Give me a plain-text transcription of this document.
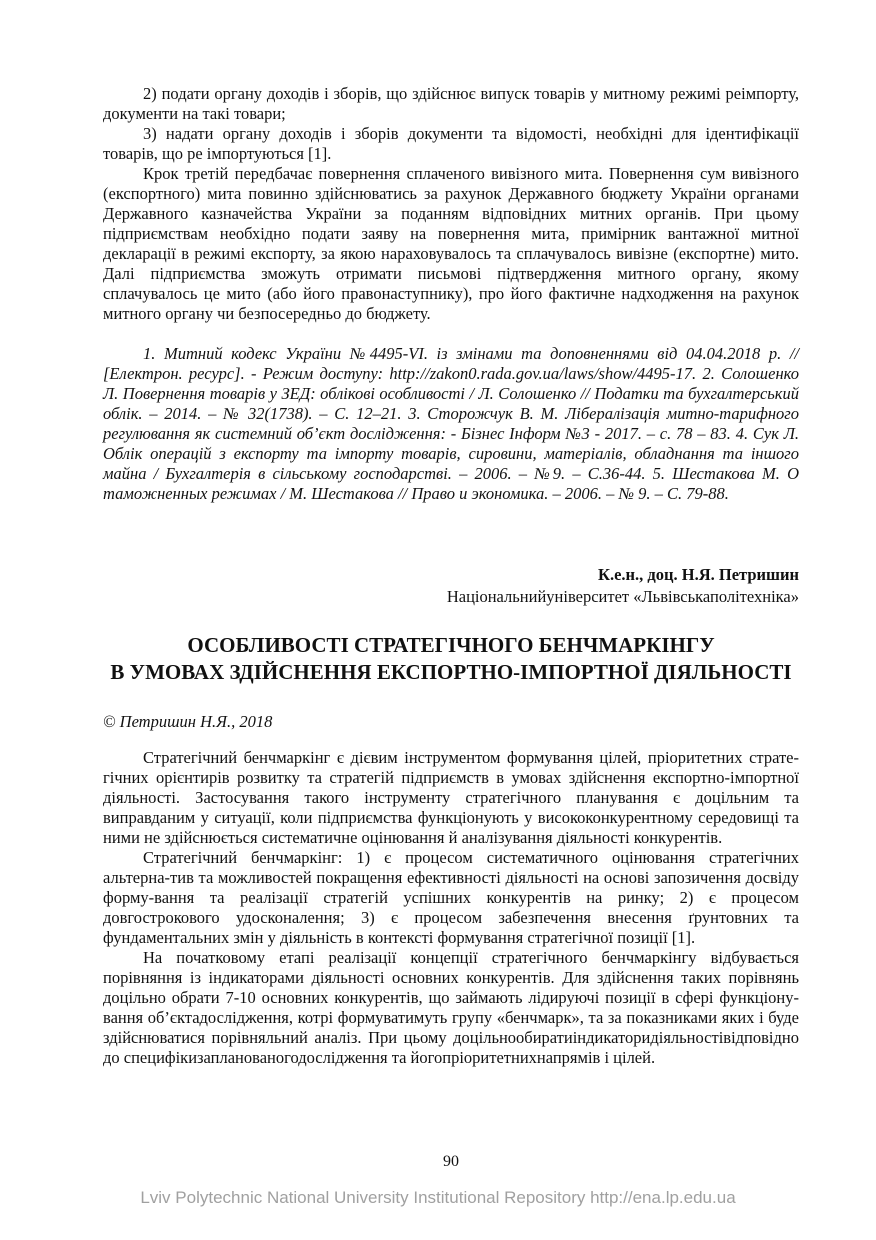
2) подати органу доходів і зборів, що здійснює випуск товарів у митному режимі реімпорту, документи на такі товари;

3) надати органу доходів і зборів документи та відомості, необхідні для ідентифікації товарів, що ре імпортуються [1].

Крок третій передбачає повернення сплаченого вивізного мита. Повернення сум вивізного (експортного) мита повинно здійснюватись за рахунок Державного бюджету України органами Державного казначейства України за поданням відповідних митних органів. При цьому підприємствам необхідно подати заяву на повернення мита, примірник вантажної митної декларації в режимі експорту, за якою нараховувалось та сплачувалось вивізне (експортне) мито. Далі підприємства зможуть отримати письмові підтвердження митного органу, якому сплачувалось це мито (або його правонаступнику), про його фактичне надходження на рахунок митного органу чи безпосередньо до бюджету.

1. Митний кодекс України №4495-VI. із змінами та доповненнями від 04.04.2018 р. // [Електрон. ресурс]. - Режим доступу: http://zakon0.rada.gov.ua/laws/show/4495-17. 2. Солошенко Л. Повернення товарів у ЗЕД: облікові особливості / Л. Солошенко // Податки та бухгалтерський облік. – 2014. – № 32(1738). – С. 12–21. 3. Сторожчук В. М. Лібералізація митно-тарифного регулювання як системний об’єкт дослідження: - Бізнес Інформ №3 - 2017. – с. 78 – 83. 4. Сук Л. Облік операцій з експорту та імпорту товарів, сировини, матеріалів, обладнання та іншого майна / Бухгалтерія в сільському господарстві. – 2006. – №9. – С.36-44. 5. Шестакова М. О таможненных режимах / М. Шестакова // Право и экономика. – 2006. – № 9. – С. 79-88.

К.е.н., доц. Н.Я. Петришин
Національнийуніверситет «Львівськаполітехніка»
ОСОБЛИВОСТІ СТРАТЕГІЧНОГО БЕНЧМАРКІНГУ
В УМОВАХ ЗДІЙСНЕННЯ ЕКСПОРТНО-ІМПОРТНОЇ ДІЯЛЬНОСТІ
© Петришин Н.Я., 2018

Стратегічний бенчмаркінг є дієвим інструментом формування цілей, пріоритетних страте-гічних орієнтирів розвитку та стратегій підприємств в умовах здійснення експортно-імпортної діяльності. Застосування такого інструменту стратегічного планування є доцільним та виправданим у ситуації, коли підприємства функціонують у висококонкурентному середовищі та ними не здійснюється систематичне оцінювання й аналізування діяльності конкурентів.

Стратегічний бенчмаркінг: 1) є процесом систематичного оцінювання стратегічних альтерна-тив та можливостей покращення ефективності діяльності на основі запозичення досвіду форму-вання та реалізації стратегій успішних конкурентів на ринку; 2) є процесом довгострокового удосконалення; 3) є процесом забезпечення внесення ґрунтовних та фундаментальних змін у діяльність в контексті формування стратегічної позиції [1].

На початковому етапі реалізації концепції стратегічного бенчмаркінгу відбувається порівняння із індикаторами діяльності основних конкурентів. Для здійснення таких порівнянь доцільно обрати 7-10 основних конкурентів, що займають лідируючі позиції в сфері функціону-вання об’єктадослідження, котрі формуватимуть групу «бенчмарк», та за показниками яких і буде здійснюватися порівняльний аналіз. При цьому доцільнообиратиіндикаторидіяльностівідповідно до специфікизапланованогодослідження та йогопріоритетнихнапрямів і цілей.

90
Lviv Polytechnic National University Institutional Repository http://ena.lp.edu.ua
